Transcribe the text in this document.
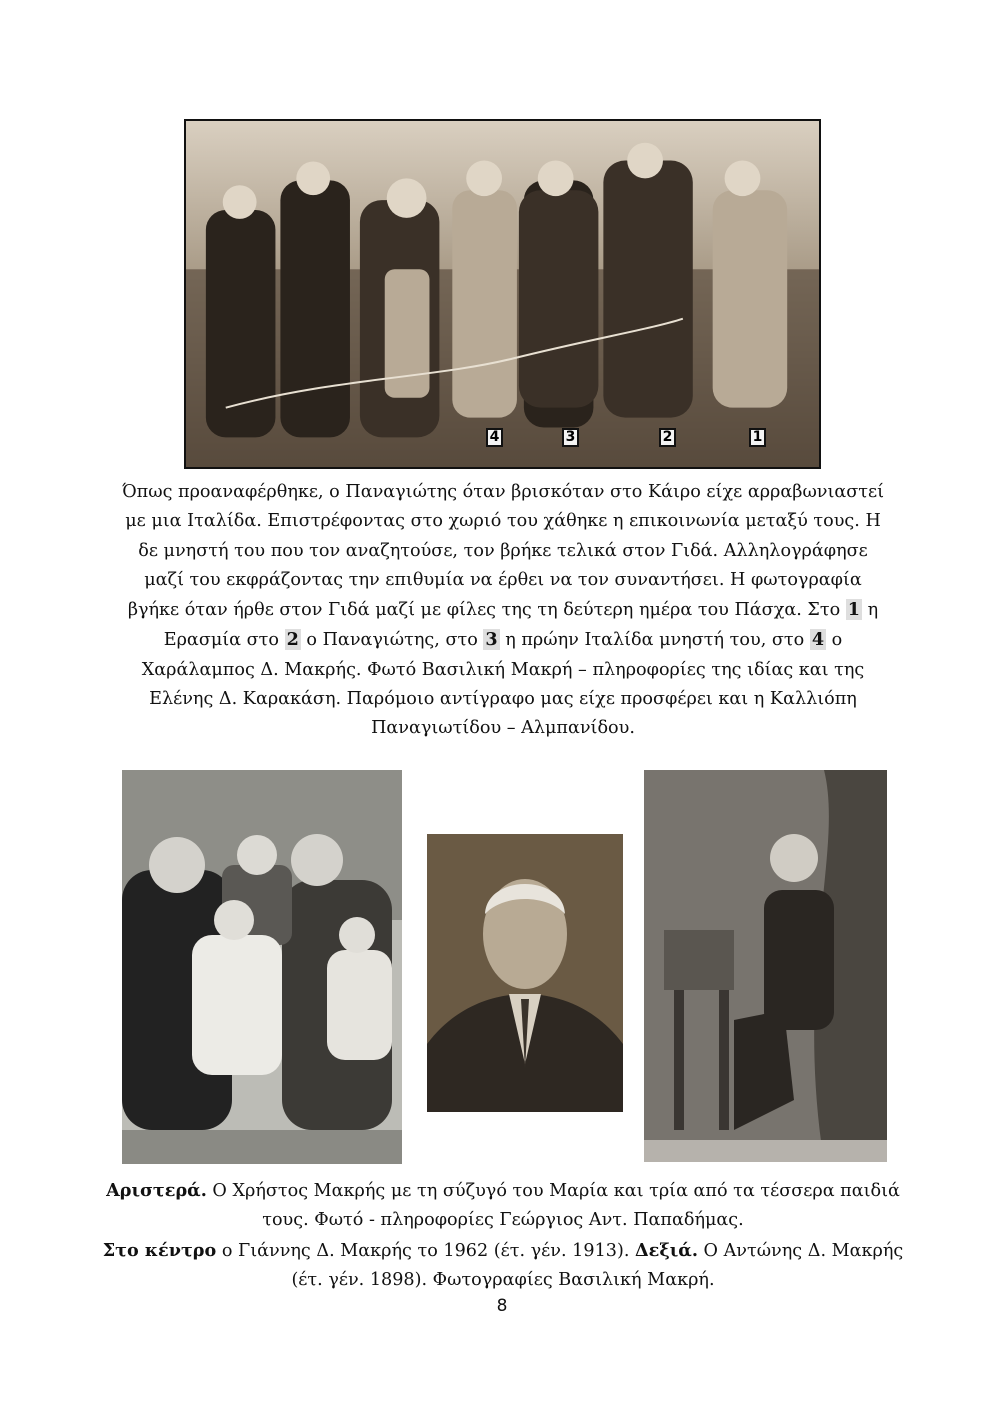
4	3	2	1

Όπως προαναφέρθηκε, ο Παναγιώτης όταν βρισκόταν στο Κάιρο είχε αρραβωνιαστεί με μια Ιταλίδα. Επιστρέφοντας στο χωριό του χάθηκε η επικοινωνία μεταξύ τους. Η δε μνηστή του που τον αναζητούσε, τον βρήκε τελικά στον Γιδά. Αλληλογράφησε μαζί του εκφράζοντας την επιθυμία να έρθει να τον συναντήσει. Η φωτογραφία βγήκε όταν ήρθε στον Γιδά μαζί με φίλες της τη δεύτερη ημέρα του Πάσχα. Στο 1 η Ερασμία στο 2 ο Παναγιώτης, στο 3 η πρώην Ιταλίδα μνηστή του, στο 4 ο Χαράλαμπος Δ. Μακρής. Φωτό Βασιλική Μακρή – πληροφορίες της ιδίας και της Ελένης Δ. Καρακάση. Παρόμοιο αντίγραφο μας είχε προσφέρει και η Καλλιόπη Παναγιωτίδου – Αλμπανίδου.

Αριστερά. Ο Χρήστος Μακρής με τη σύζυγό του Μαρία και τρία από τα τέσσερα παιδιά τους. Φωτό - πληροφορίες Γεώργιος Αντ. Παπαδήμας.
Στο κέντρο ο Γιάννης Δ. Μακρής το 1962 (έτ. γέν. 1913). Δεξιά. Ο Αντώνης Δ. Μακρής (έτ. γέν. 1898). Φωτογραφίες Βασιλική Μακρή.

8
